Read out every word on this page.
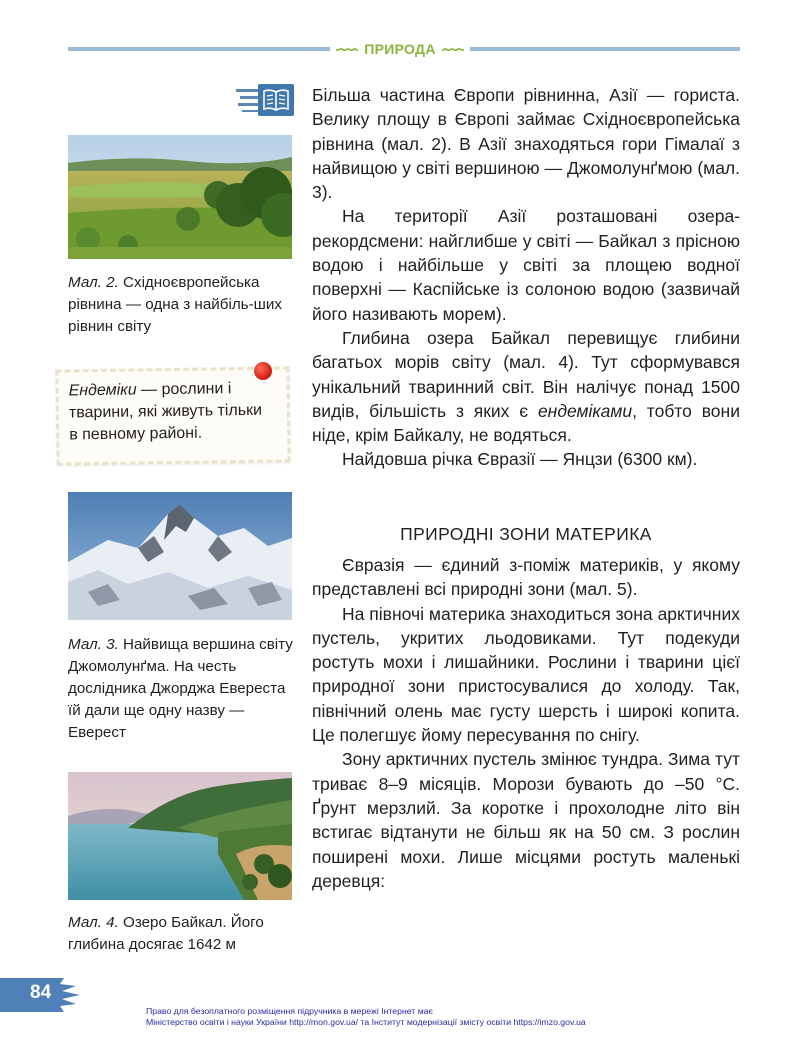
ПРИРОДА
Мал. 2. Східноєвропейська рівнина — одна з найбіль-ших рівнин світу
Ендеміки — рослини і тварини, які живуть тільки в певному районі.
Мал. 3. Найвища вершина світу Джомолунґма. На честь дослідника Джорджа Евереста їй дали ще одну назву — Еверест
Мал. 4. Озеро Байкал. Його глибина досягає 1642 м

Більша частина Європи рівнинна, Азії — гориста. Велику площу в Європі займає Східноєвропейська рівнина (мал. 2). В Азії знаходяться гори Гімалаї з найвищою у світі вершиною — Джомолунґмою (мал. 3).

На території Азії розташовані озера-рекордсмени: найглибше у світі — Байкал з прісною водою і найбільше у світі за площею водної поверхні — Каспійське із солоною водою (зазвичай його називають морем).

Глибина озера Байкал перевищує глибини багатьох морів світу (мал. 4). Тут сформувався унікальний тваринний світ. Він налічує понад 1500 видів, більшість з яких є ендеміками, тобто вони ніде, крім Байкалу, не водяться.

Найдовша річка Євразії — Янцзи (6300 км).

ПРИРОДНІ ЗОНИ МАТЕРИКА

Євразія — єдиний з-поміж материків, у якому представлені всі природні зони (мал. 5).

На півночі материка знаходиться зона арктичних пустель, укритих льодовиками. Тут подекуди ростуть мохи і лишайники. Рослини і тварини цієї природної зони пристосувалися до холоду. Так, північний олень має густу шерсть і широкі копита. Це полегшує йому пересування по снігу.

Зону арктичних пустель змінює тундра. Зима тут триває 8–9 місяців. Морози бувають до –50 °С. Ґрунт мерзлий. За коротке і прохолодне літо він встигає відтанути не більш як на 50 см. З рослин поширені мохи. Лише місцями ростуть маленькі деревця:

84
Право для безоплатного розміщення підручника в мережі Інтернет має
Міністерство освіти і науки України http://mon.gov.ua/ та Інститут модернізації змісту освіти https://imzo.gov.ua
